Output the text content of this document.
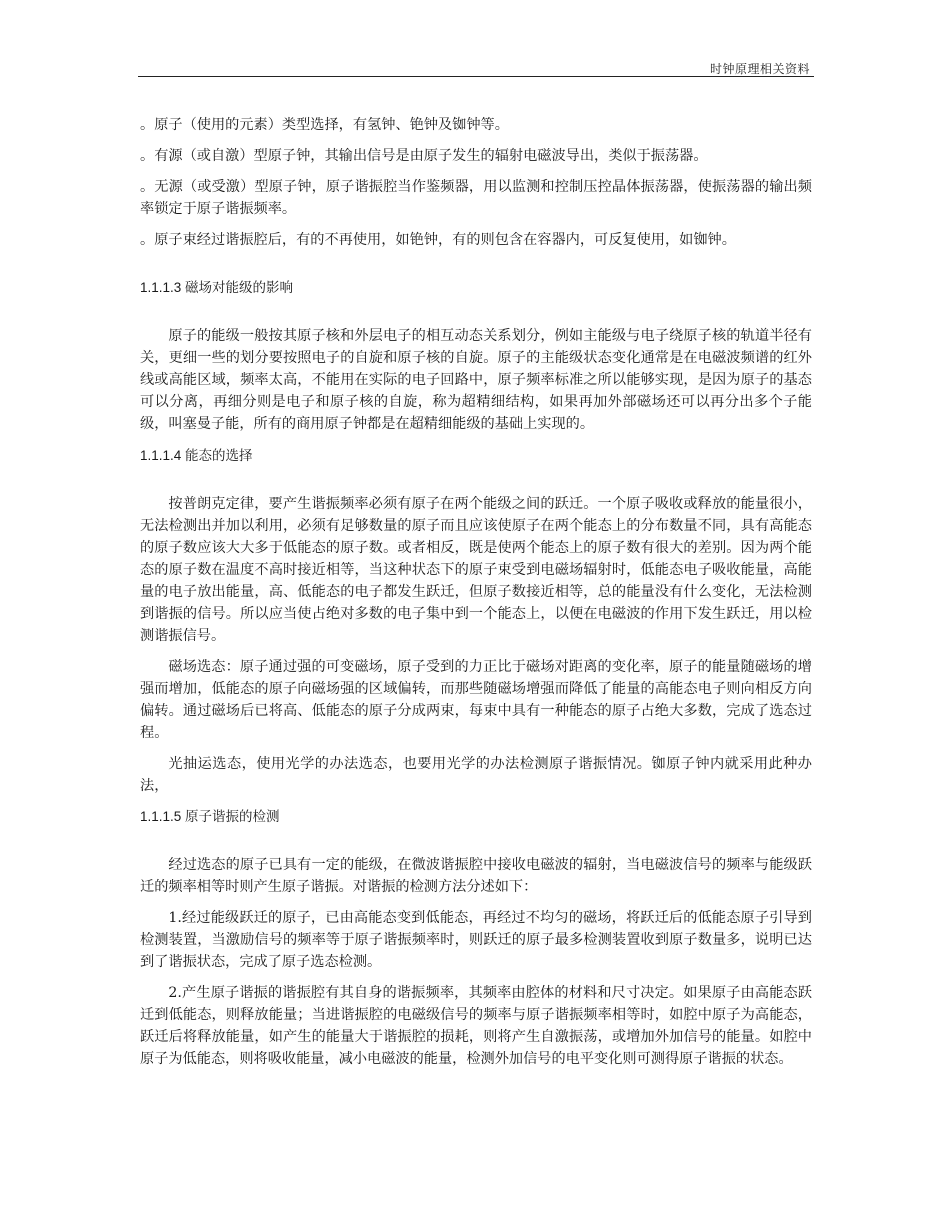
时钟原理相关资料

。原子（使用的元素）类型选择，有氢钟、铯钟及铷钟等。

。有源（或自激）型原子钟，其输出信号是由原子发生的辐射电磁波导出，类似于振荡器。

。无源（或受激）型原子钟，原子谐振腔当作鉴频器，用以监测和控制压控晶体振荡器，使振荡器的输出频率锁定于原子谐振频率。

。原子束经过谐振腔后，有的不再使用，如铯钟，有的则包含在容器内，可反复使用，如铷钟。

1.1.1.3 磁场对能级的影响

原子的能级一般按其原子核和外层电子的相互动态关系划分，例如主能级与电子绕原子核的轨道半径有关，更细一些的划分要按照电子的自旋和原子核的自旋。原子的主能级状态变化通常是在电磁波频谱的红外线或高能区域，频率太高，不能用在实际的电子回路中，原子频率标准之所以能够实现，是因为原子的基态可以分离，再细分则是电子和原子核的自旋，称为超精细结构，如果再加外部磁场还可以再分出多个子能级，叫塞曼子能，所有的商用原子钟都是在超精细能级的基础上实现的。

1.1.1.4 能态的选择

按普朗克定律，要产生谐振频率必须有原子在两个能级之间的跃迁。一个原子吸收或释放的能量很小，无法检测出并加以利用，必须有足够数量的原子而且应该使原子在两个能态上的分布数量不同，具有高能态的原子数应该大大多于低能态的原子数。或者相反，既是使两个能态上的原子数有很大的差别。因为两个能态的原子数在温度不高时接近相等，当这种状态下的原子束受到电磁场辐射时，低能态电子吸收能量，高能量的电子放出能量，高、低能态的电子都发生跃迁，但原子数接近相等，总的能量没有什么变化，无法检测到谐振的信号。所以应当使占绝对多数的电子集中到一个能态上，以便在电磁波的作用下发生跃迁，用以检测谐振信号。

磁场选态：原子通过强的可变磁场，原子受到的力正比于磁场对距离的变化率，原子的能量随磁场的增强而增加，低能态的原子向磁场强的区域偏转，而那些随磁场增强而降低了能量的高能态电子则向相反方向偏转。通过磁场后已将高、低能态的原子分成两束，每束中具有一种能态的原子占绝大多数，完成了选态过程。

光抽运选态，使用光学的办法选态，也要用光学的办法检测原子谐振情况。铷原子钟内就采用此种办法，

1.1.1.5 原子谐振的检测

经过选态的原子已具有一定的能级，在微波谐振腔中接收电磁波的辐射，当电磁波信号的频率与能级跃迁的频率相等时则产生原子谐振。对谐振的检测方法分述如下：

1.经过能级跃迁的原子，已由高能态变到低能态，再经过不均匀的磁场，将跃迁后的低能态原子引导到检测装置，当激励信号的频率等于原子谐振频率时，则跃迁的原子最多检测装置收到原子数量多，说明已达到了谐振状态，完成了原子选态检测。

2.产生原子谐振的谐振腔有其自身的谐振频率，其频率由腔体的材料和尺寸决定。如果原子由高能态跃迁到低能态，则释放能量；当进谐振腔的电磁级信号的频率与原子谐振频率相等时，如腔中原子为高能态，跃迁后将释放能量，如产生的能量大于谐振腔的损耗，则将产生自激振荡，或增加外加信号的能量。如腔中原子为低能态，则将吸收能量，减小电磁波的能量，检测外加信号的电平变化则可测得原子谐振的状态。
